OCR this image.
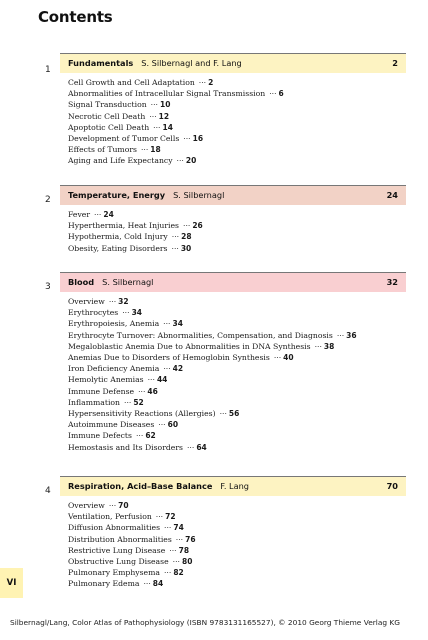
Contents
1
Fundamentals S. Silbernagl and F. Lang	2
Cell Growth and Cell Adaptation ··· 2
Abnormalities of Intracellular Signal Transmission ··· 6
Signal Transduction ··· 10
Necrotic Cell Death ··· 12
Apoptotic Cell Death ··· 14
Development of Tumor Cells ··· 16
Effects of Tumors ··· 18
Aging and Life Expectancy ··· 20
2 Temperature, Energy S. Silbernagl	24
Fever ··· 24
Hyperthermia, Heat Injuries ··· 26
Hypothermia, Cold Injury ··· 28
Obesity, Eating Disorders ··· 30
3 Blood S. Silbernagl	32
Overview ··· 32
Erythrocytes ··· 34
Erythropoiesis, Anemia ··· 34
Erythrocyte Turnover: Abnormalities, Compensation, and Diagnosis ··· 36
Megaloblastic Anemia Due to Abnormalities in DNA Synthesis ··· 38
Anemias Due to Disorders of Hemoglobin Synthesis ··· 40
Iron Deficiency Anemia ··· 42
Hemolytic Anemias ··· 44
Immune Defense ··· 46
Inflammation ··· 52
Hypersensitivity Reactions (Allergies) ··· 56
Autoimmune Diseases ··· 60
Immune Defects ··· 62
Hemostasis and Its Disorders ··· 64
4 Respiration, Acid–Base Balance F. Lang	70
Overview ··· 70
Ventilation, Perfusion ··· 72
Diffusion Abnormalities ··· 74
Distribution Abnormalities ··· 76
Restrictive Lung Disease ··· 78
Obstructive Lung Disease ··· 80
Pulmonary Emphysema ··· 82
Pulmonary Edema ··· 84
VI
Silbernagl/Lang, Color Atlas of Pathophysiology (ISBN 9783131165527), © 2010 Georg Thieme Verlag KG
